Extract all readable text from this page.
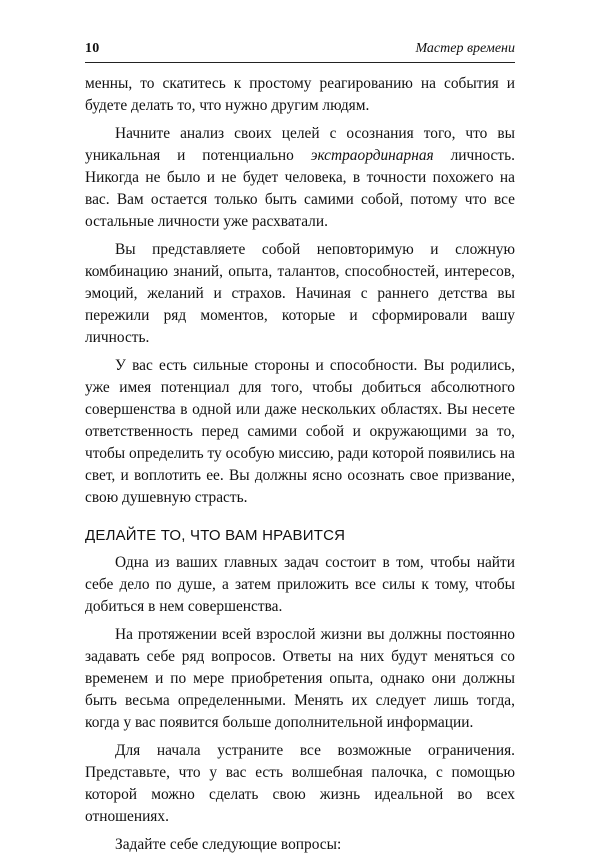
10	Мастер времени

менны, то скатитесь к простому реагированию на события и будете делать то, что нужно другим людям.

Начните анализ своих целей с осознания того, что вы уникальная и потенциально экстраординарная личность. Никогда не было и не будет человека, в точности похожего на вас. Вам остается только быть самими собой, потому что все остальные личности уже расхватали.

Вы представляете собой неповторимую и сложную комбинацию знаний, опыта, талантов, способностей, интересов, эмоций, желаний и страхов. Начиная с раннего детства вы пережили ряд моментов, которые и сформировали вашу личность.

У вас есть сильные стороны и способности. Вы родились, уже имея потенциал для того, чтобы добиться абсолютного совершенства в одной или даже нескольких областях. Вы несете ответственность перед самими собой и окружающими за то, чтобы определить ту особую миссию, ради которой появились на свет, и воплотить ее. Вы должны ясно осознать свое призвание, свою душевную страсть.

ДЕЛАЙТЕ ТО, ЧТО ВАМ НРАВИТСЯ

Одна из ваших главных задач состоит в том, чтобы найти себе дело по душе, а затем приложить все силы к тому, чтобы добиться в нем совершенства.

На протяжении всей взрослой жизни вы должны постоянно задавать себе ряд вопросов. Ответы на них будут меняться со временем и по мере приобретения опыта, однако они должны быть весьма определенными. Менять их следует лишь тогда, когда у вас появится больше дополнительной информации.

Для начала устраните все возможные ограничения. Представьте, что у вас есть волшебная палочка, с помощью которой можно сделать свою жизнь идеальной во всех отношениях.

Задайте себе следующие вопросы:
